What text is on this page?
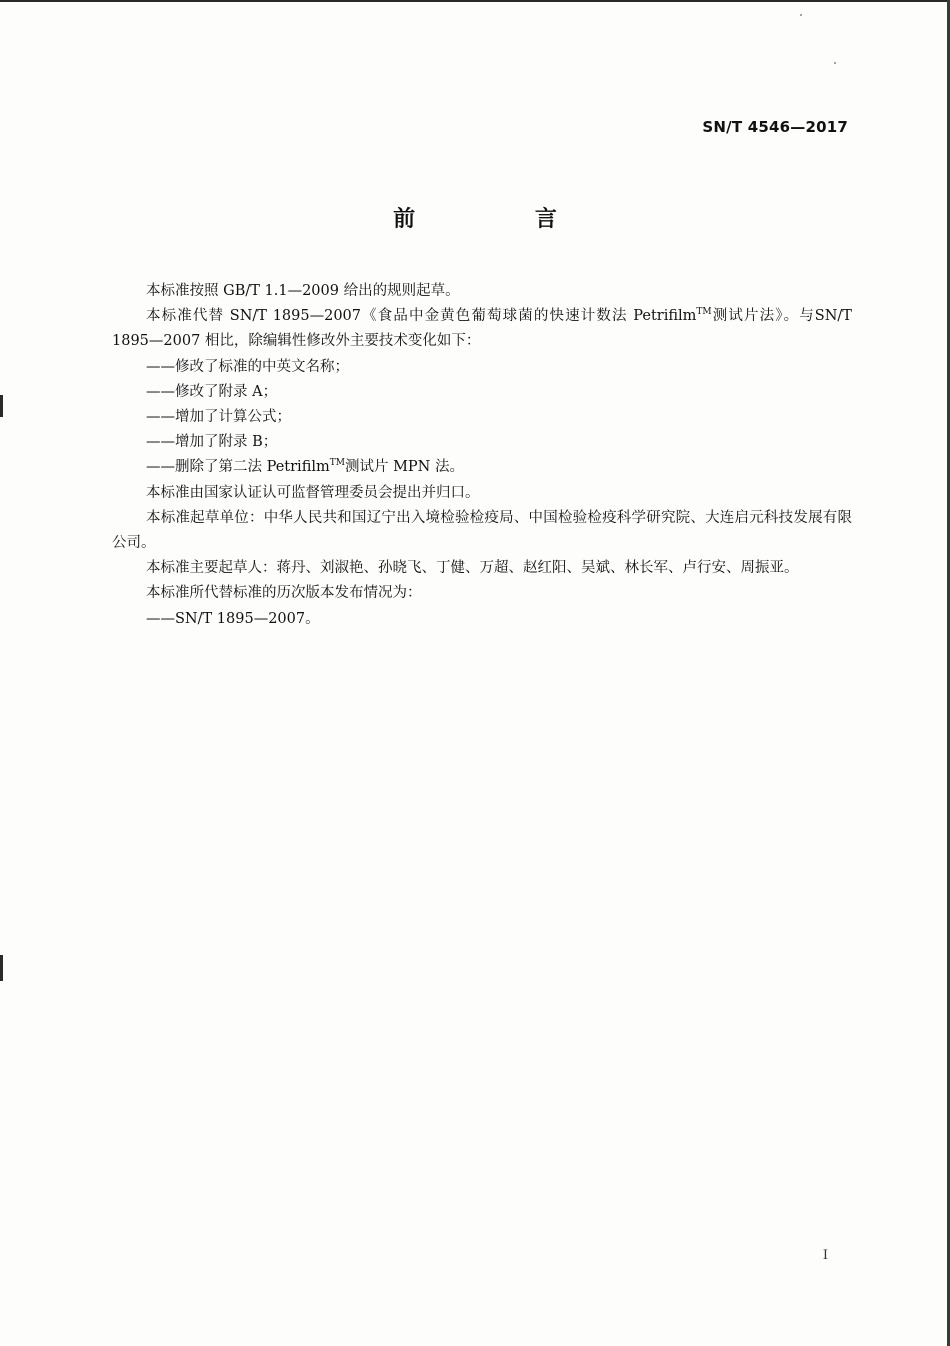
SN/T 4546—2017
前 言

本标准按照 GB/T 1.1—2009 给出的规则起草。

本标准代替 SN/T 1895—2007《食品中金黄色葡萄球菌的快速计数法 Petrifilm™测试片法》。与SN/T 1895—2007 相比，除编辑性修改外主要技术变化如下：

——修改了标准的中英文名称；

——修改了附录 A；

——增加了计算公式；

——增加了附录 B；

——删除了第二法 Petrifilm™测试片 MPN 法。

本标准由国家认证认可监督管理委员会提出并归口。

本标准起草单位：中华人民共和国辽宁出入境检验检疫局、中国检验检疫科学研究院、大连启元科技发展有限公司。

本标准主要起草人：蒋丹、刘淑艳、孙晓飞、丁健、万超、赵红阳、吴斌、林长军、卢行安、周振亚。

本标准所代替标准的历次版本发布情况为：

——SN/T 1895—2007。

I
